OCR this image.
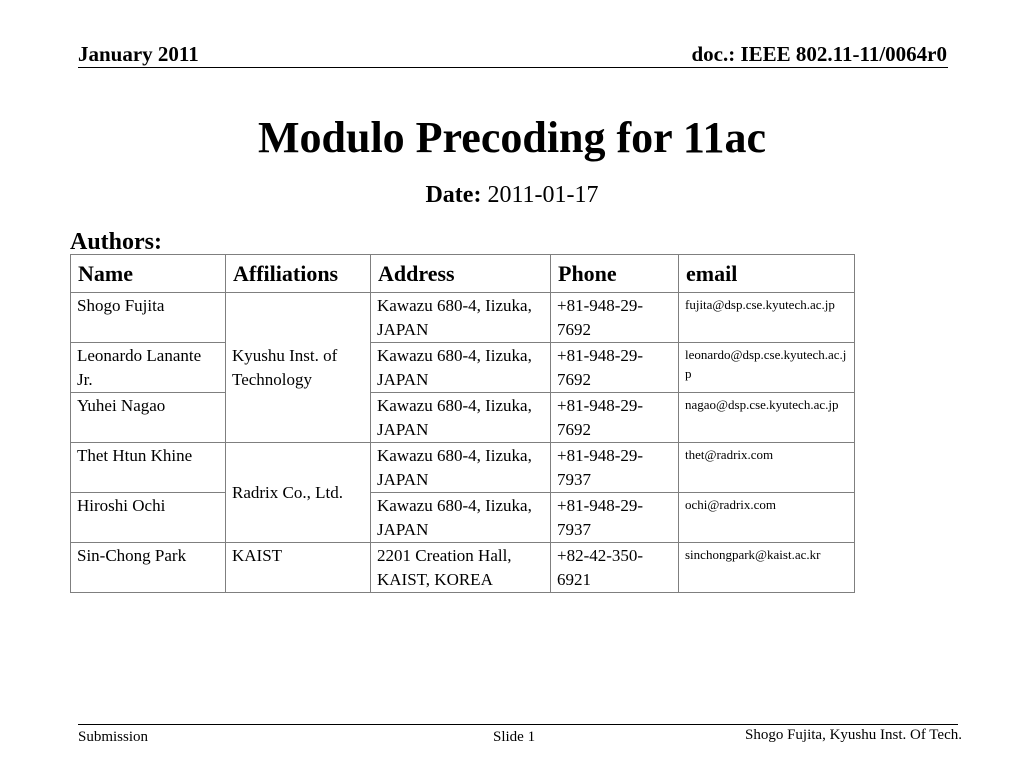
January 2011	doc.: IEEE 802.11-11/0064r0
Modulo Precoding for 11ac
Date: 2011-01-17
Authors:
Name	Affiliations	Address	Phone	email
Shogo Fujita	Kyushu Inst. of Technology	Kawazu 680-4, Iizuka, JAPAN	+81-948-29-7692	fujita@dsp.cse.kyutech.ac.jp
Leonardo Lanante Jr.		Kawazu 680-4, Iizuka, JAPAN	+81-948-29-7692	leonardo@dsp.cse.kyutech.ac.jp
Yuhei Nagao		Kawazu 680-4, Iizuka, JAPAN	+81-948-29-7692	nagao@dsp.cse.kyutech.ac.jp
Thet Htun Khine	Radrix Co., Ltd.	Kawazu 680-4, Iizuka, JAPAN	+81-948-29-7937	thet@radrix.com
Hiroshi Ochi		Kawazu 680-4, Iizuka, JAPAN	+81-948-29-7937	ochi@radrix.com
Sin-Chong Park	KAIST	2201 Creation Hall, KAIST, KOREA	+82-42-350-6921	sinchongpark@kaist.ac.kr
Submission	Slide 1	Shogo Fujita, Kyushu Inst. Of Tech.
